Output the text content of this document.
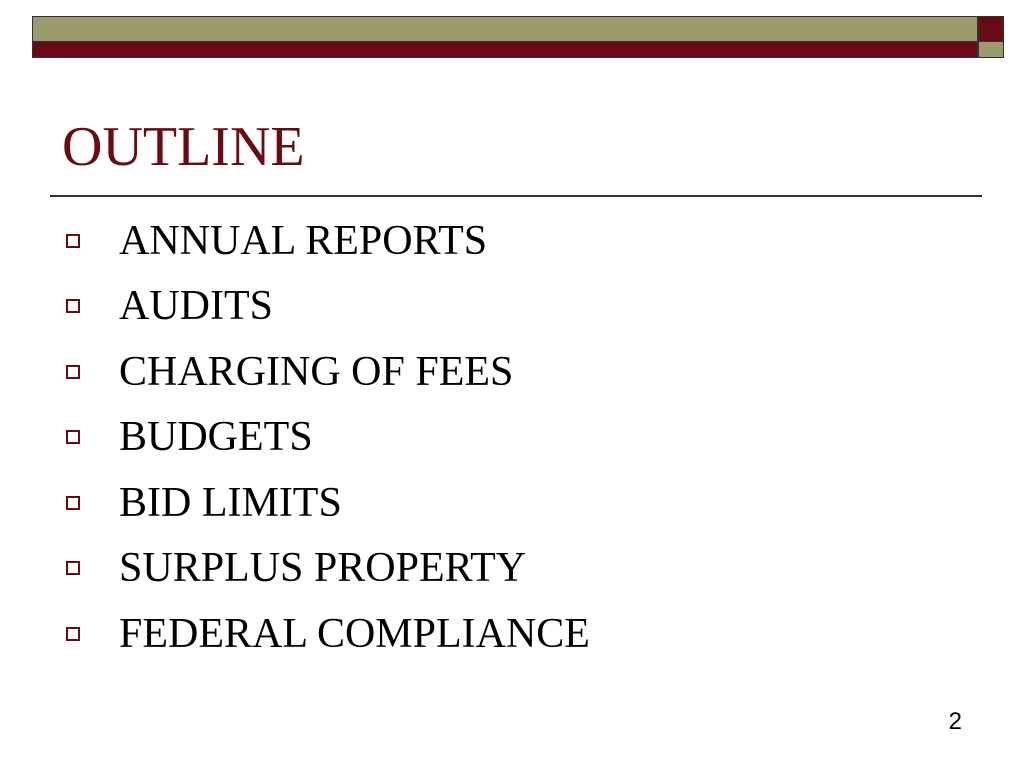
OUTLINE
ANNUAL REPORTS
AUDITS
CHARGING OF FEES
BUDGETS
BID LIMITS
SURPLUS PROPERTY
FEDERAL COMPLIANCE
2
